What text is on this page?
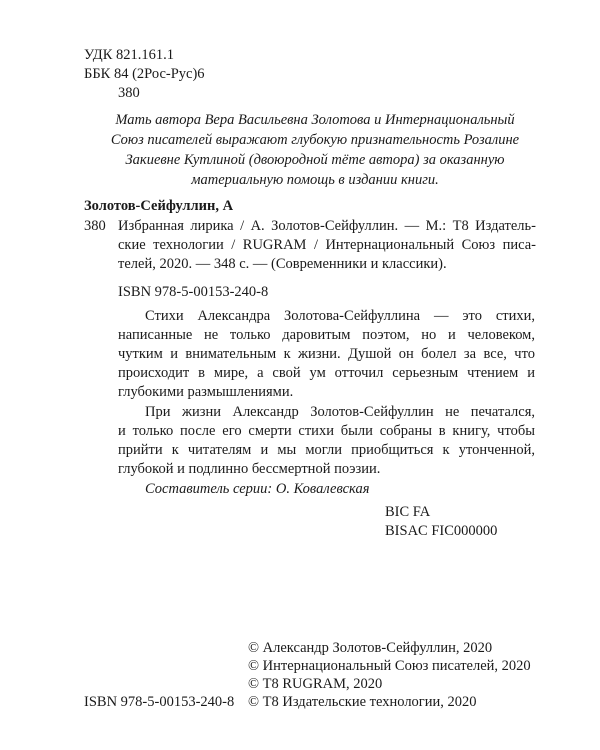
УДК 821.161.1
ББК 84 (2Рос-Рус)6
380
Мать автора Вера Васильевна Золотова и Интернациональный
Союз писателей выражают глубокую признательность Розалине
Закиевне Кутлиной (двоюродной тёте автора) за оказанную
материальную помощь в издании книги.
Золотов-Сейфуллин, А
380 Избранная лирика / А. Золотов-Сейфуллин. — М.: Т8 Издатель-
ские технологии / RUGRAM / Интернациональный Союз писа-
телей, 2020. — 348 с. — (Современники и классики).
ISBN 978-5-00153-240-8
Стихи Александра Золотова-Сейфуллина — это стихи,
написанные не только даровитым поэтом, но и человеком,
чутким и внимательным к жизни. Душой он болел за все, что
происходит в мире, а свой ум отточил серьезным чтением и
глубокими размышлениями.
При жизни Александр Золотов-Сейфуллин не печатался,
и только после его смерти стихи были собраны в книгу, чтобы
прийти к читателям и мы могли приобщиться к утонченной,
глубокой и подлинно бессмертной поэзии.
Составитель серии: О. Ковалевская
BIC FA
BISAC FIC000000
© Александр Золотов-Сейфуллин, 2020
© Интернациональный Союз писателей, 2020
© Т8 RUGRAM, 2020
© Т8 Издательские технологии, 2020
ISBN 978-5-00153-240-8
